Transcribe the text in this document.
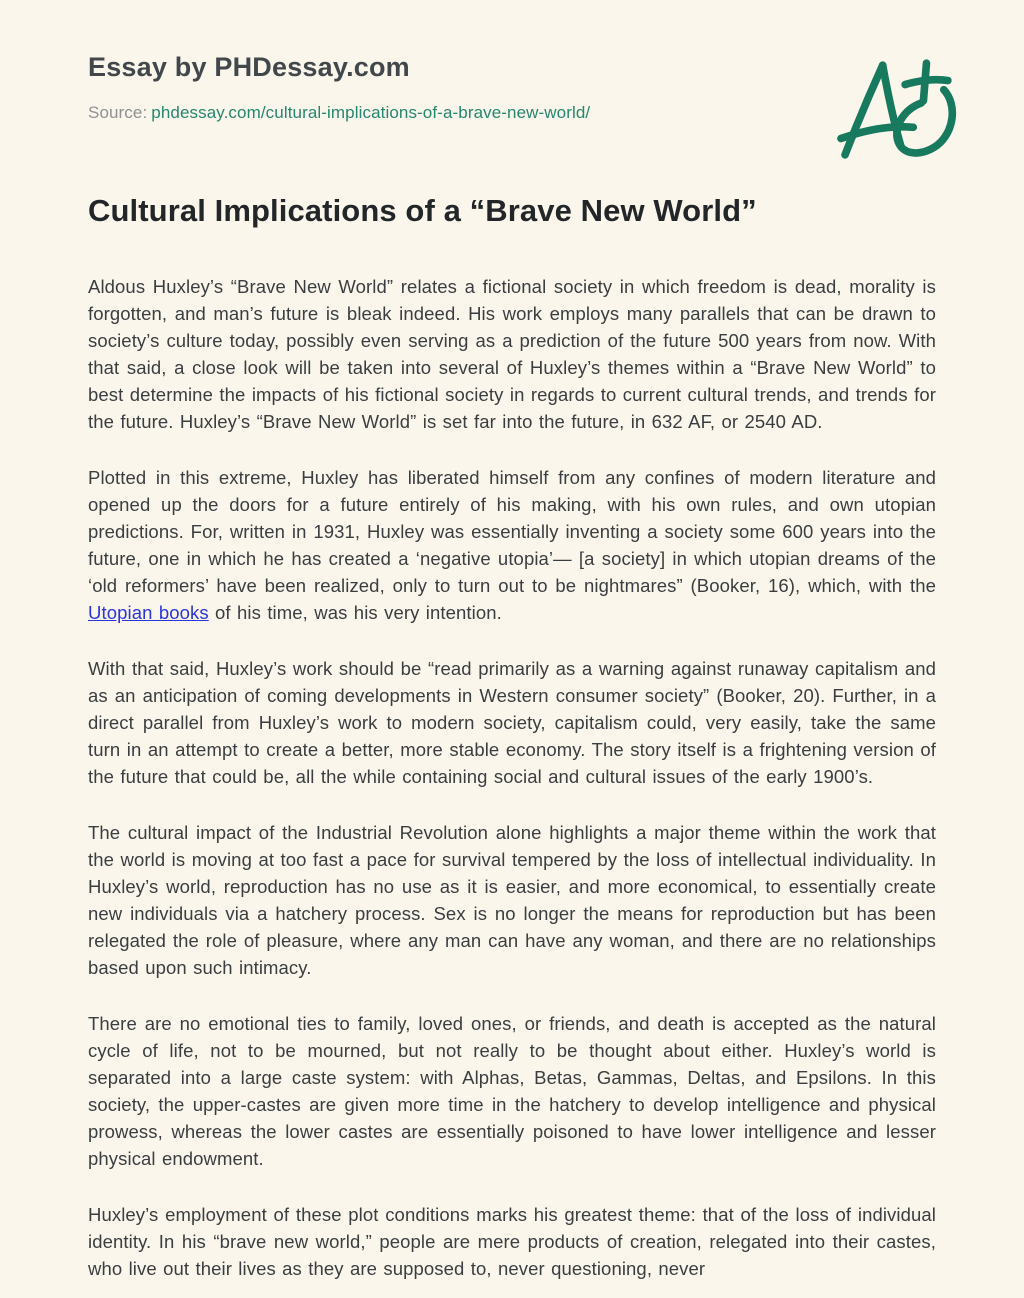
Essay by PHDessay.com
Source: phdessay.com/cultural-implications-of-a-brave-new-world/
Cultural Implications of a “Brave New World”

Aldous Huxley’s “Brave New World” relates a fictional society in which freedom is dead, morality is forgotten, and man’s future is bleak indeed. His work employs many parallels that can be drawn to society’s culture today, possibly even serving as a prediction of the future 500 years from now. With that said, a close look will be taken into several of Huxley’s themes within a “Brave New World” to best determine the impacts of his fictional society in regards to current cultural trends, and trends for the future. Huxley’s “Brave New World” is set far into the future, in 632 AF, or 2540 AD.

Plotted in this extreme, Huxley has liberated himself from any confines of modern literature and opened up the doors for a future entirely of his making, with his own rules, and own utopian predictions. For, written in 1931, Huxley was essentially inventing a society some 600 years into the future, one in which he has created a ‘negative utopia’— [a society] in which utopian dreams of the ‘old reformers’ have been realized, only to turn out to be nightmares” (Booker, 16), which, with the Utopian books of his time, was his very intention.

With that said, Huxley’s work should be “read primarily as a warning against runaway capitalism and as an anticipation of coming developments in Western consumer society” (Booker, 20). Further, in a direct parallel from Huxley’s work to modern society, capitalism could, very easily, take the same turn in an attempt to create a better, more stable economy. The story itself is a frightening version of the future that could be, all the while containing social and cultural issues of the early 1900’s.

The cultural impact of the Industrial Revolution alone highlights a major theme within the work that the world is moving at too fast a pace for survival tempered by the loss of intellectual individuality. In Huxley’s world, reproduction has no use as it is easier, and more economical, to essentially create new individuals via a hatchery process. Sex is no longer the means for reproduction but has been relegated the role of pleasure, where any man can have any woman, and there are no relationships based upon such intimacy.

There are no emotional ties to family, loved ones, or friends, and death is accepted as the natural cycle of life, not to be mourned, but not really to be thought about either. Huxley’s world is separated into a large caste system: with Alphas, Betas, Gammas, Deltas, and Epsilons. In this society, the upper-castes are given more time in the hatchery to develop intelligence and physical prowess, whereas the lower castes are essentially poisoned to have lower intelligence and lesser physical endowment.

Huxley’s employment of these plot conditions marks his greatest theme: that of the loss of individual identity. In his “brave new world,” people are mere products of creation, relegated into their castes, who live out their lives as they are supposed to, never questioning, never
